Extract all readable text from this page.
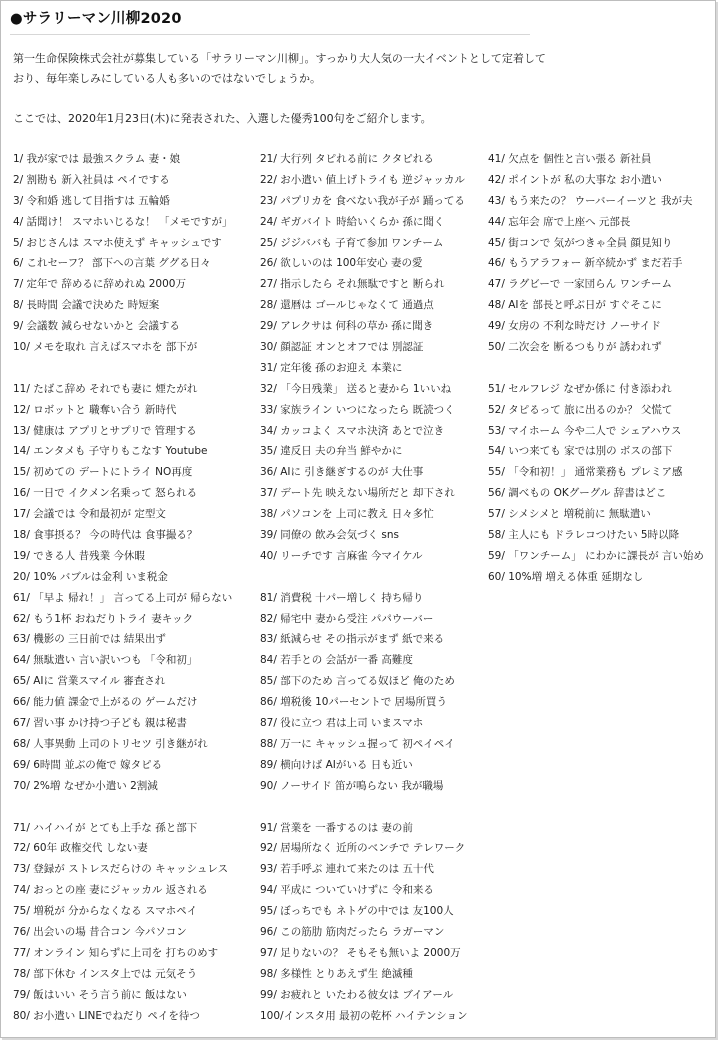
●サラリーマン川柳2020

第一生命保険株式会社が募集している「サラリーマン川柳」。すっかり大人気の一大イベントとして定着して

おり、毎年楽しみにしている人も多いのではないでしょうか。

ここでは、2020年1月23日(木)に発表された、入選した優秀100句をご紹介します。

1/ 我が家では 最強スクラム 妻・娘
2/ 割勘も 新入社員は ペイでする
3/ 令和婚 逃して目指すは 五輪婚
4/ 話聞け！ スマホいじるな！ 「メモですが」
5/ おじさんは スマホ使えず キャッシュです
6/ これセーフ？ 部下への言葉 ググる日々
7/ 定年で 辞めるに辞めれぬ 2000万
8/ 長時間 会議で決めた 時短案
9/ 会議数 減らせないかと 会議する
10/ メモを取れ 言えばスマホを 部下が
11/ たばこ辞め それでも妻に 煙たがれ
12/ ロボットと 職奪い合う 新時代
13/ 健康は アプリとサプリで 管理する
14/ エンタメも 子守りもこなす Youtube
15/ 初めての デートにトライ NO再度
16/ 一日で イクメン名乗って 怒られる
17/ 会議では 令和最初が 定型文
18/ 食事摂る？ 今の時代は 食事撮る？
19/ できる人 昔残業 今休暇
20/ 10% バブルは金利 いま税金
61/ 「早よ 帰れ！」 言ってる上司が 帰らない
62/ もう1杯 おねだりトライ 妻キック
63/ 機影の 三日前では 結果出ず
64/ 無駄遣い 言い訳いつも 「令和初」
65/ AIに 営業スマイル 審査され
66/ 能力値 課金で上がるの ゲームだけ
67/ 習い事 かけ持つ子ども 親は秘書
68/ 人事異動 上司のトリセツ 引き継がれ
69/ 6時間 並ぶの俺で 嫁タピる
70/ 2%増 なぜか小遣い 2割減
71/ ハイハイが とても上手な 孫と部下
72/ 60年 政権交代 しない妻
73/ 登録が ストレスだらけの キャッシュレス
74/ おっとの座 妻にジャッカル 返される
75/ 増税が 分からなくなる スマホペイ
76/ 出会いの場 昔合コン 今パソコン
77/ オンライン 知らずに上司を 打ちのめす
78/ 部下休む インスタ上では 元気そう
79/ 飯はいい そう言う前に 飯はない
80/ お小遣い LINEでねだり ペイを待つ
21/ 大行列 タピれる前に クタピれる
22/ お小遣い 値上げトライも 逆ジャッカル
23/ パプリカを 食べない我が子が 踊ってる
24/ ギガバイト 時給いくらか 孫に聞く
25/ ジジババも 子育て参加 ワンチーム
26/ 欲しいのは 100年安心 妻の愛
27/ 指示したら それ無駄ですと 断られ
28/ 還暦は ゴールじゃなくて 通過点
29/ アレクサは 何科の草か 孫に聞き
30/ 顔認証 オンとオフでは 別認証
31/ 定年後 孫のお迎え 本業に
32/ 「今日残業」 送ると妻から 1いいね
33/ 家族ライン いつになったら 既読つく
34/ カッコよく スマホ決済 あとで泣き
35/ 違反日 夫の弁当 鮮やかに
36/ AIに 引き継ぎするのが 大仕事
37/ デート先 映えない場所だと 却下され
38/ パソコンを 上司に教え 日々多忙
39/ 同僚の 飲み会気づく sns
40/ リーチです 言麻雀 今マイケル
81/ 消費税 十パー増しく 持ち帰り
82/ 帰宅中 妻から受注 パパウーバー
83/ 紙減らせ その指示がまず 紙で来る
84/ 若手との 会話が一番 高難度
85/ 部下のため 言ってる奴ほど 俺のため
86/ 増税後 10パーセントで 居場所買う
87/ 役に立つ 君は上司 いまスマホ
88/ 万一に キャッシュ握って 初ペイペイ
89/ 横向けば AIがいる 日も近い
90/ ノーサイド 笛が鳴らない 我が職場
91/ 営業を 一番するのは 妻の前
92/ 居場所なく 近所のベンチで テレワーク
93/ 若手呼ぶ 連れて来たのは 五十代
94/ 平成に ついていけずに 令和来る
95/ ぼっちでも ネトゲの中では 友100人
96/ この筋肋 筋肉だったら ラガーマン
97/ 足りないの？ そもそも無いよ 2000万
98/ 多様性 とりあえず生 絶滅種
99/ お疲れと いたわる彼女は ブイアール
100/インスタ用 最初の乾杯 ハイテンション
41/ 欠点を 個性と言い張る 新社員
42/ ポイントが 私の大事な お小遣い
43/ もう来たの？ ウーバーイーツと 我が夫
44/ 忘年会 席で上座へ 元部長
45/ 街コンで 気がつきゃ全員 顔見知り
46/ もうアラフォー 新卒続かず まだ若手
47/ ラグビーで 一家団らん ワンチーム
48/ AIを 部長と呼ぶ日が すぐそこに
49/ 女房の 不利な時だけ ノーサイド
50/ 二次会を 断るつもりが 誘われず
51/ セルフレジ なぜか係に 付き添われ
52/ タピるって 旅に出るのか？ 父慌て
53/ マイホーム 今や二人で シェアハウス
54/ いつ来ても 家では別の ボスの部下
55/ 「令和初！」 通常業務も プレミア感
56/ 調べもの OKグーグル 辞書はどこ
57/ シメシメと 増税前に 無駄遣い
58/ 主人にも ドラレコつけたい 5時以降
59/ 「ワンチーム」 にわかに課長が 言い始め
60/ 10%増 増える体重 延期なし
